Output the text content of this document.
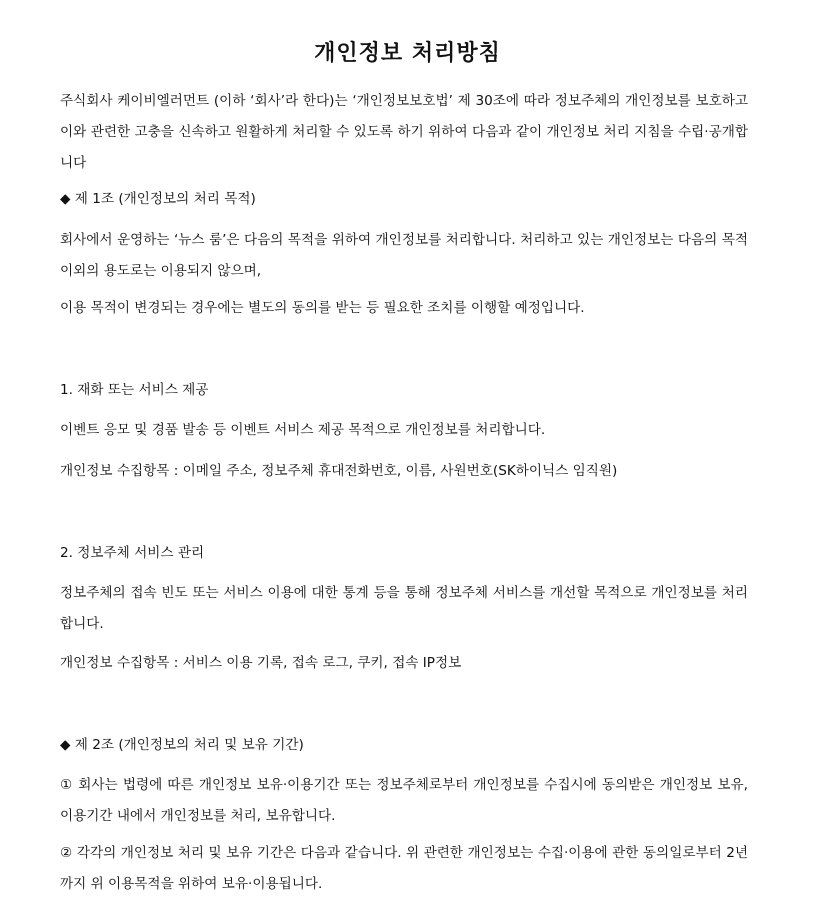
개인정보 처리방침

주식회사 케이비엘러먼트 (이하 ‘회사’라 한다)는 ‘개인정보보호법’ 제 30조에 따라 정보주체의 개인정보를 보호하고 이와 관련한 고충을 신속하고 원활하게 처리할 수 있도록 하기 위하여 다음과 같이 개인정보 처리 지침을 수립·공개합니다

◆ 제 1조 (개인정보의 처리 목적)

회사에서 운영하는 ‘뉴스 룸’은 다음의 목적을 위하여 개인정보를 처리합니다. 처리하고 있는 개인정보는 다음의 목적 이외의 용도로는 이용되지 않으며,

이용 목적이 변경되는 경우에는 별도의 동의를 받는 등 필요한 조치를 이행할 예정입니다.

1. 재화 또는 서비스 제공

이벤트 응모 및 경품 발송 등 이벤트 서비스 제공 목적으로 개인정보를 처리합니다.

개인정보 수집항목 : 이메일 주소, 정보주체 휴대전화번호, 이름, 사원번호(SK하이닉스 임직원)

2. 정보주체 서비스 관리

정보주체의 접속 빈도 또는 서비스 이용에 대한 통계 등을 통해 정보주체 서비스를 개선할 목적으로 개인정보를 처리합니다.

개인정보 수집항목 : 서비스 이용 기록, 접속 로그, 쿠키, 접속 IP정보

◆ 제 2조 (개인정보의 처리 및 보유 기간)

① 회사는 법령에 따른 개인정보 보유·이용기간 또는 정보주체로부터 개인정보를 수집시에 동의받은 개인정보 보유, 이용기간 내에서 개인정보를 처리, 보유합니다.

② 각각의 개인정보 처리 및 보유 기간은 다음과 같습니다. 위 관련한 개인정보는 수집·이용에 관한 동의일로부터 2년까지 위 이용목적을 위하여 보유·이용됩니다.
